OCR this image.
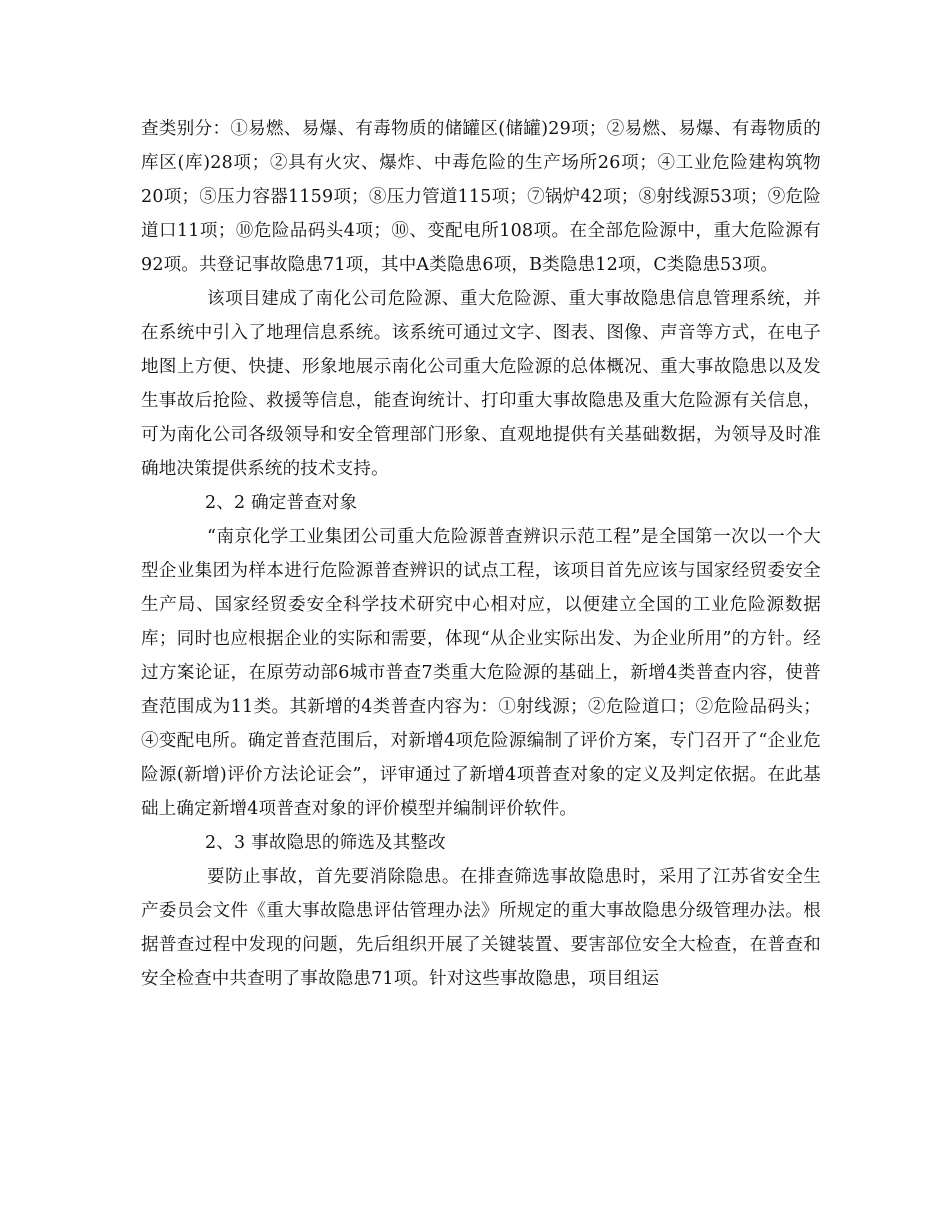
查类别分：①易燃、易爆、有毒物质的储罐区(储罐)29项；②易燃、易爆、有毒物质的库区(库)28项；②具有火灾、爆炸、中毒危险的生产场所26项；④工业危险建构筑物20项；⑤压力容器1159项；⑧压力管道115项；⑦锅炉42项；⑧射线源53项；⑨危险道口11项；⑩危险品码头4项；⑩、变配电所108项。在全部危险源中，重大危险源有92项。共登记事故隐患71项，其中A类隐患6项，B类隐患12项，C类隐患53项。

该项目建成了南化公司危险源、重大危险源、重大事故隐患信息管理系统，并在系统中引入了地理信息系统。该系统可通过文字、图表、图像、声音等方式，在电子地图上方便、快捷、形象地展示南化公司重大危险源的总体概况、重大事故隐患以及发生事故后抢险、救援等信息，能查询统计、打印重大事故隐患及重大危险源有关信息，可为南化公司各级领导和安全管理部门形象、直观地提供有关基础数据，为领导及时准确地决策提供系统的技术支持。

2、2 确定普查对象

“南京化学工业集团公司重大危险源普查辨识示范工程”是全国第一次以一个大型企业集团为样本进行危险源普查辨识的试点工程，该项目首先应该与国家经贸委安全生产局、国家经贸委安全科学技术研究中心相对应，以便建立全国的工业危险源数据库；同时也应根据企业的实际和需要，体现“从企业实际出发、为企业所用”的方针。经过方案论证，在原劳动部6城市普查7类重大危险源的基础上，新增4类普查内容，使普查范围成为11类。其新增的4类普查内容为：①射线源；②危险道口；②危险品码头；④变配电所。确定普查范围后，对新增4项危险源编制了评价方案，专门召开了“企业危险源(新增)评价方法论证会”，评审通过了新增4项普查对象的定义及判定依据。在此基础上确定新增4项普查对象的评价模型并编制评价软件。

2、3 事故隐思的筛选及其整改

要防止事故，首先要消除隐患。在排查筛选事故隐患时，采用了江苏省安全生产委员会文件《重大事故隐患评估管理办法》所规定的重大事故隐患分级管理办法。根据普查过程中发现的问题，先后组织开展了关键装置、要害部位安全大检查，在普查和安全检查中共查明了事故隐患71项。针对这些事故隐患，项目组运
